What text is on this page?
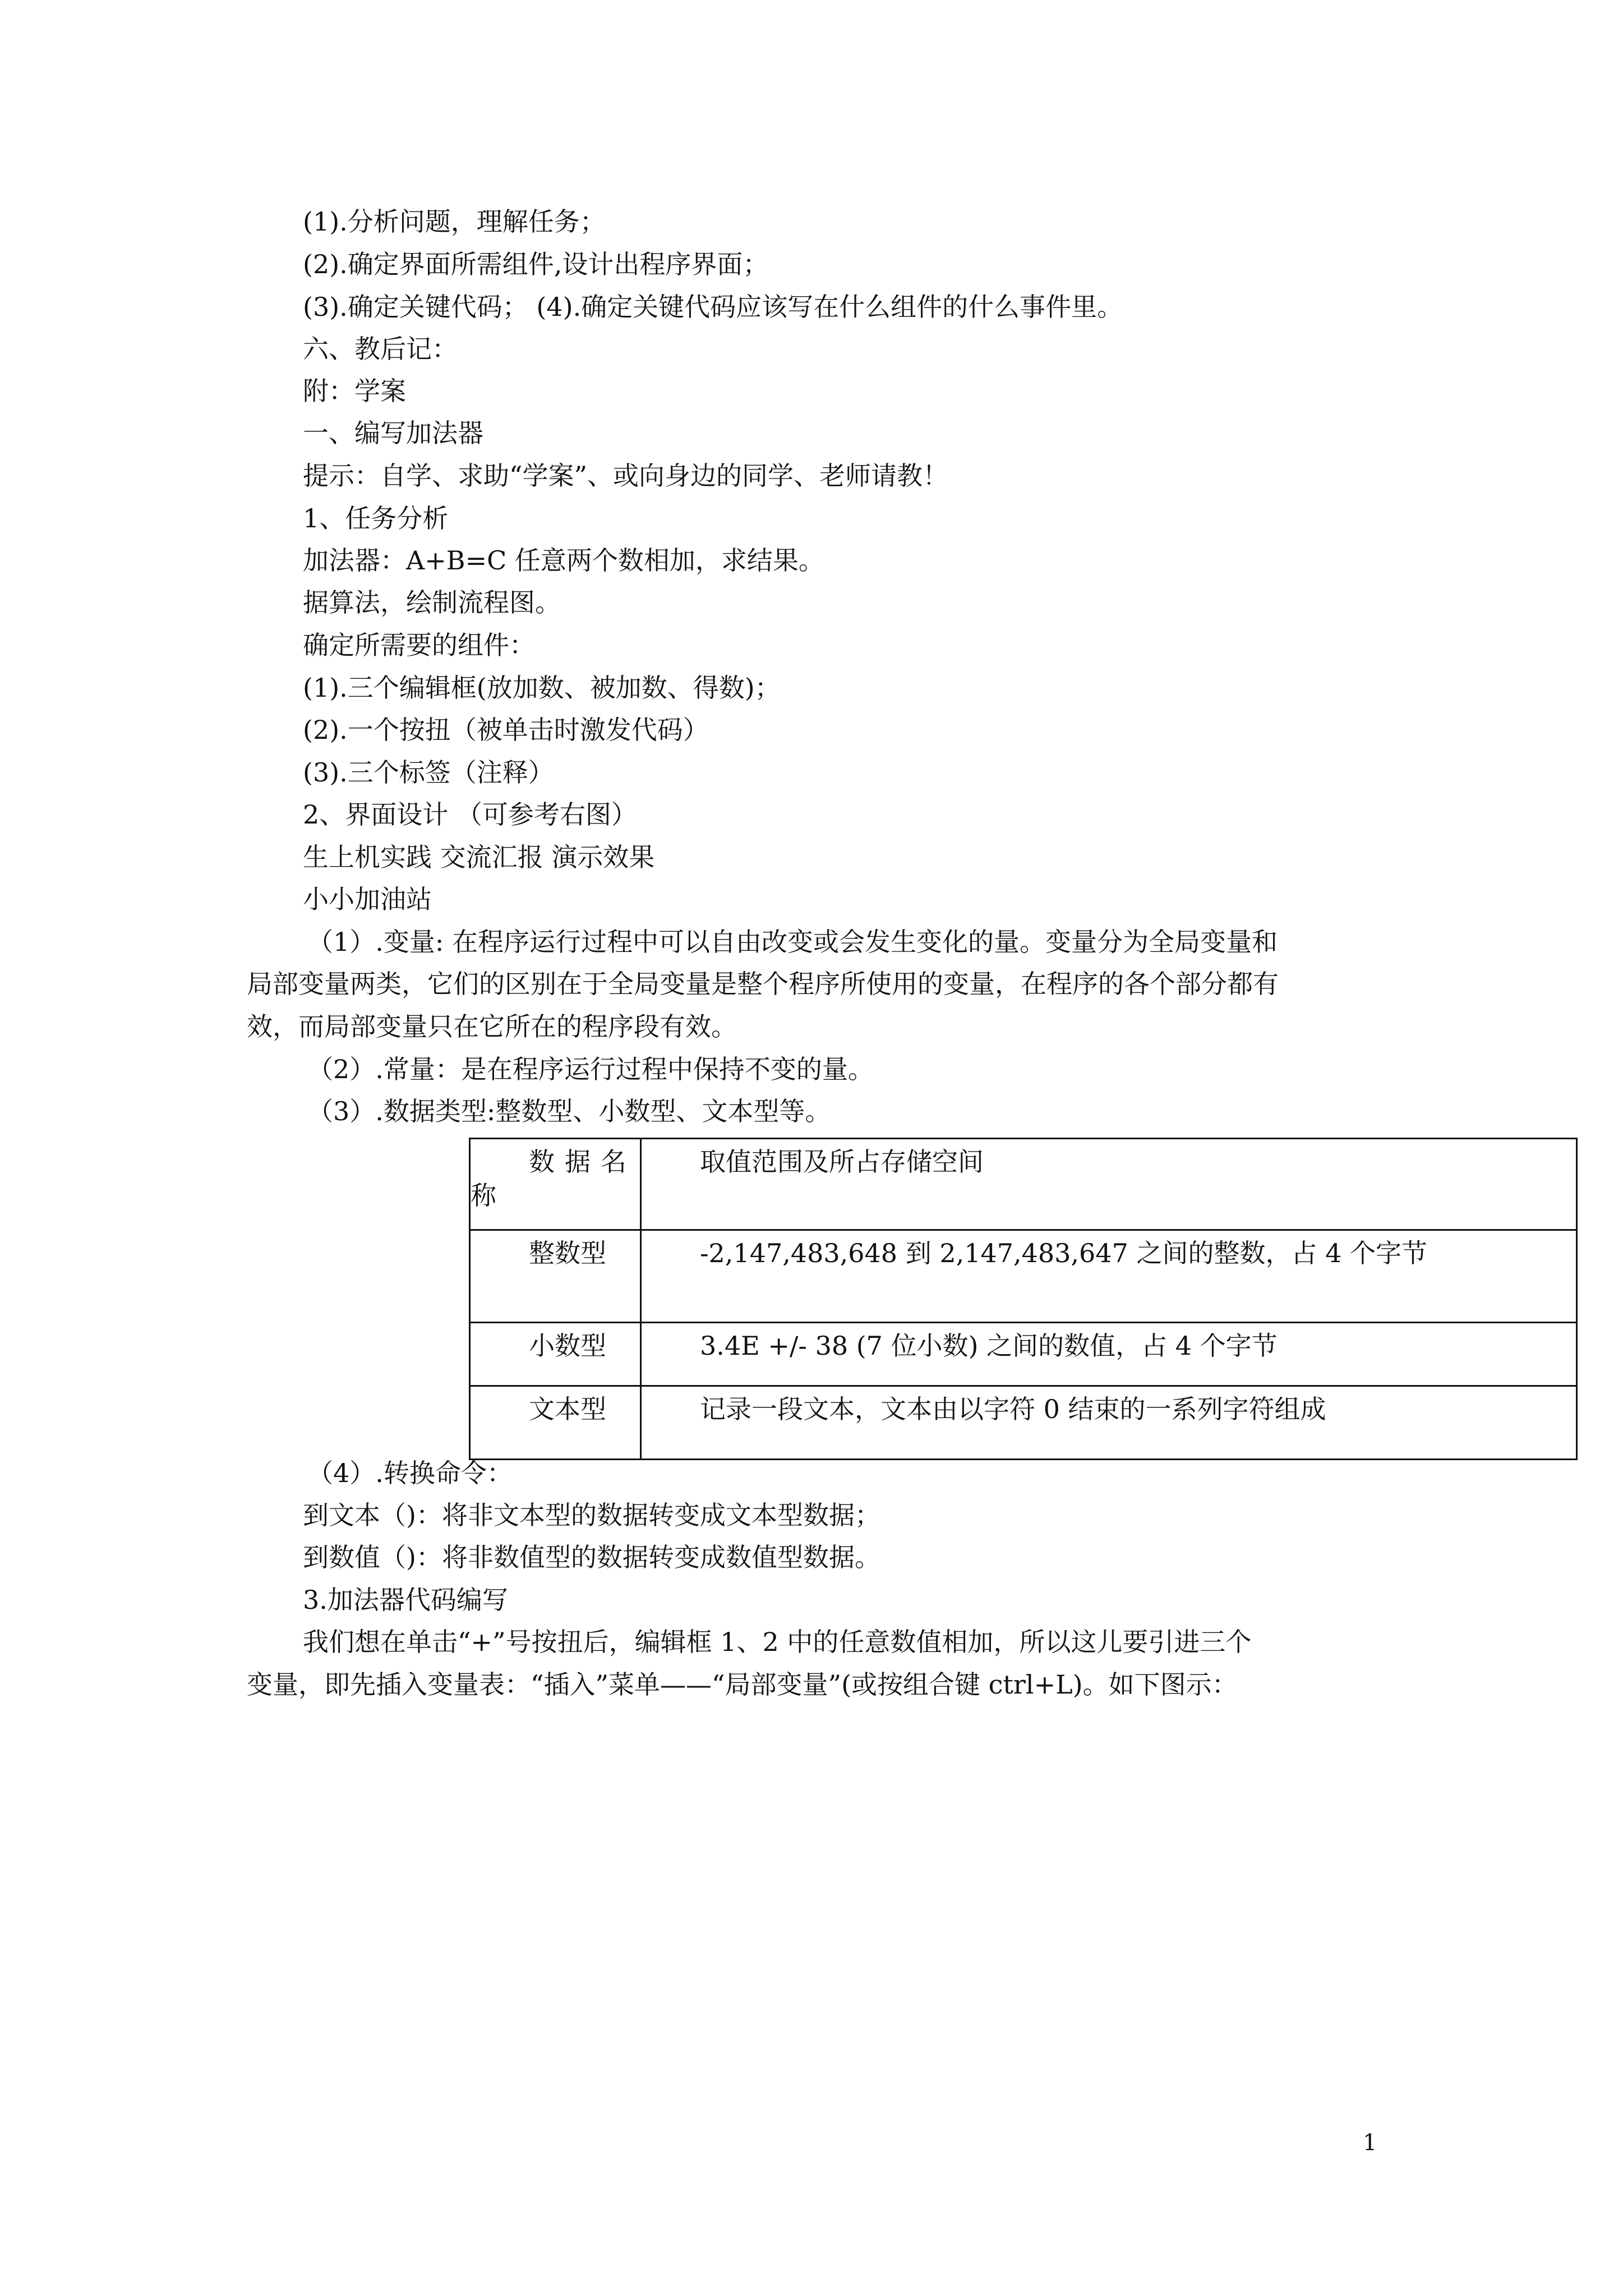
(1).分析问题，理解任务；
(2).确定界面所需组件,设计出程序界面；
(3).确定关键代码； (4).确定关键代码应该写在什么组件的什么事件里。
六、教后记：
附：学案
一、编写加法器
提示：自学、求助“学案”、或向身边的同学、老师请教！
1、任务分析
加法器：A+B=C 任意两个数相加，求结果。
据算法，绘制流程图。
确定所需要的组件：
(1).三个编辑框(放加数、被加数、得数)；
(2).一个按扭（被单击时激发代码）
(3).三个标签（注释）
2、界面设计 （可参考右图）
生上机实践 交流汇报 演示效果
小小加油站
（1）.变量: 在程序运行过程中可以自由改变或会发生变化的量。变量分为全局变量和
局部变量两类，它们的区别在于全局变量是整个程序所使用的变量，在程序的各个部分都有
效，而局部变量只在它所在的程序段有效。
（2）.常量：是在程序运行过程中保持不变的量。
（3）.数据类型:整数型、小数型、文本型等。
数据名
称	取值范围及所占存储空间

整数型	-2,147,483,648 到 2,147,483,647 之间的整数，占 4 个字节

小数型	3.4E +/- 38 (7 位小数) 之间的数值，占 4 个字节

文本型	记录一段文本，文本由以字符 0 结束的一系列字符组成
（4）.转换命令：
到文本（)：将非文本型的数据转变成文本型数据；
到数值（)：将非数值型的数据转变成数值型数据。
3.加法器代码编写
我们想在单击“+”号按扭后，编辑框 1、2 中的任意数值相加，所以这儿要引进三个
变量，即先插入变量表：“插入”菜单——“局部变量”(或按组合键 ctrl+L)。如下图示：
1
